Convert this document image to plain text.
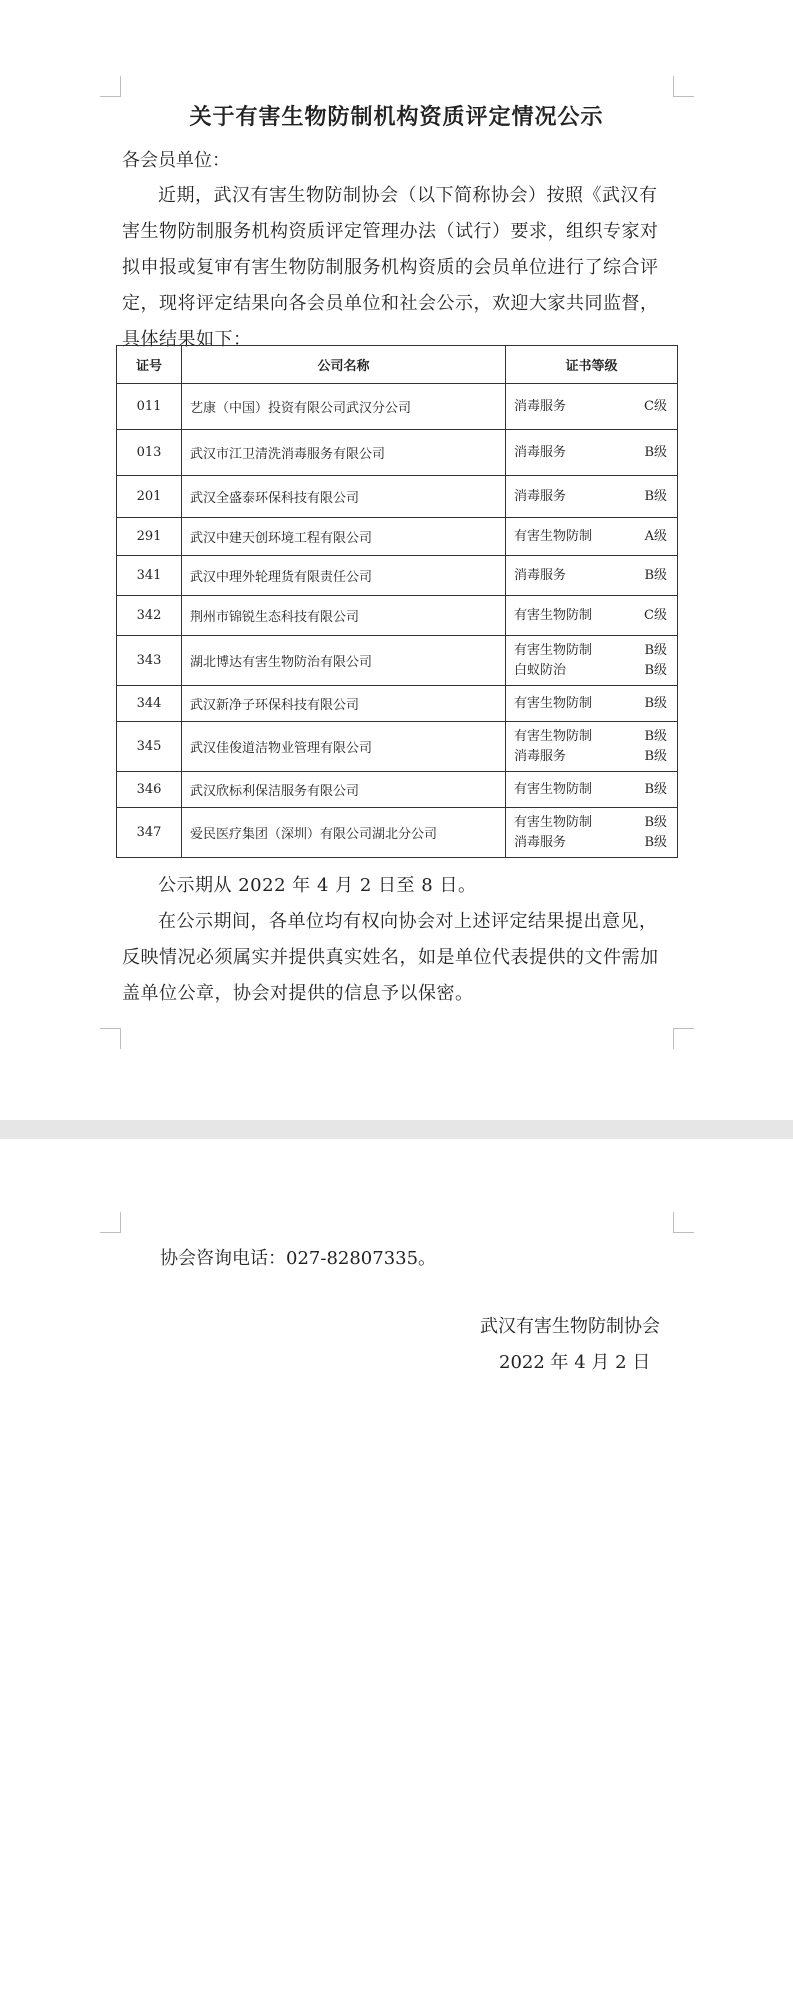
关于有害生物防制机构资质评定情况公示
各会员单位：
近期，武汉有害生物防制协会（以下简称协会）按照《武汉有害生物防制服务机构资质评定管理办法（试行）要求，组织专家对拟申报或复审有害生物防制服务机构资质的会员单位进行了综合评定，现将评定结果向各会员单位和社会公示，欢迎大家共同监督，具体结果如下：
证号	公司名称	证书等级
011	艺康（中国）投资有限公司武汉分公司	消毒服务 C级

013	武汉市江卫清洗消毒服务有限公司	消毒服务 B级

201	武汉全盛泰环保科技有限公司	消毒服务 B级

291	武汉中建天创环境工程有限公司	有害生物防制 A级

341	武汉中理外轮理货有限责任公司	消毒服务 B级

342	荆州市锦锐生态科技有限公司	有害生物防制 C级

343	湖北博达有害生物防治有限公司	有害生物防制 B级
白蚁防治 B级

344	武汉新净子环保科技有限公司	有害生物防制 B级

345	武汉佳俊道洁物业管理有限公司	有害生物防制 B级
消毒服务 B级

346	武汉欣标利保洁服务有限公司	有害生物防制 B级

347	爱民医疗集团（深圳）有限公司湖北分公司	有害生物防制 B级
消毒服务 B级
公示期从 2022 年 4 月 2 日至 8 日。
在公示期间，各单位均有权向协会对上述评定结果提出意见，反映情况必须属实并提供真实姓名，如是单位代表提供的文件需加盖单位公章，协会对提供的信息予以保密。
协会咨询电话：027-82807335。
武汉有害生物防制协会
2022 年 4 月 2 日
